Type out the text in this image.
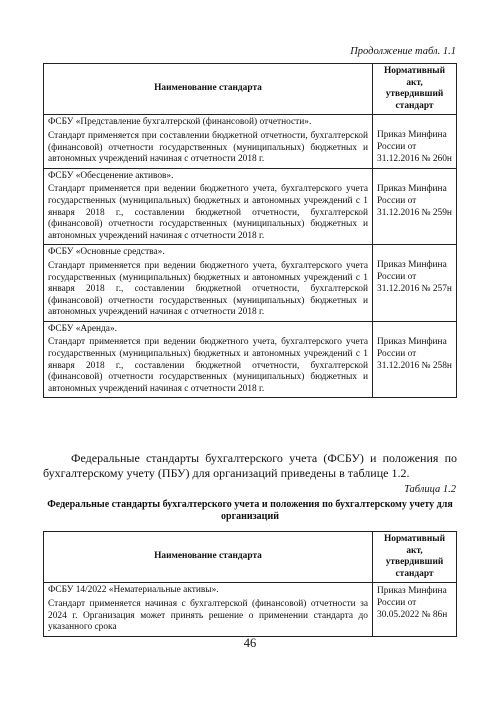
Продолжение табл. 1.1
Наименование стандарта	Нормативный акт, утвердивший стандарт

ФСБУ «Представление бухгалтерской (финансовой) отчетности».
Стандарт применяется при составлении бюджетной отчетности, бухгалтерской (финансовой) отчетности государственных (муниципальных) бюджетных и автономных учреждений начиная с отчетности 2018 г.	Приказ Минфина России от 31.12.2016 № 260н

ФСБУ «Обесценение активов».
Стандарт применяется при ведении бюджетного учета, бухгалтерского учета государственных (муниципальных) бюджетных и автономных учреждений с 1 января 2018 г., составлении бюджетной отчетности, бухгалтерской (финансовой) отчетности государственных (муниципальных) бюджетных и автономных учреждений начиная с отчетности 2018 г.	Приказ Минфина России от 31.12.2016 № 259н

ФСБУ «Основные средства».
Стандарт применяется при ведении бюджетного учета, бухгалтерского учета государственных (муниципальных) бюджетных и автономных учреждений с 1 января 2018 г., составлении бюджетной отчетности, бухгалтерской (финансовой) отчетности государственных (муниципальных) бюджетных и автономных учреждений начиная с отчетности 2018 г.	Приказ Минфина России от 31.12.2016 № 257н

ФСБУ «Аренда».
Стандарт применяется при ведении бюджетного учета, бухгалтерского учета государственных (муниципальных) бюджетных и автономных учреждений с 1 января 2018 г., составлении бюджетной отчетности, бухгалтерской (финансовой) отчетности государственных (муниципальных) бюджетных и автономных учреждений начиная с отчетности 2018 г.	Приказ Минфина России от 31.12.2016 № 258н
Федеральные стандарты бухгалтерского учета (ФСБУ) и положения по бухгалтерскому учету (ПБУ) для организаций приведены в таблице 1.2.
Таблица 1.2
Федеральные стандарты бухгалтерского учета и положения по бухгалтерскому учету для организаций
Наименование стандарта	Нормативный акт, утвердивший стандарт

ФСБУ 14/2022 «Нематериальные активы».
Стандарт применяется начиная с бухгалтерской (финансовой) отчетности за 2024 г. Организация может принять решение о применении стандарта до указанного срока	Приказ Минфина России от 30.05.2022 № 86н
46
